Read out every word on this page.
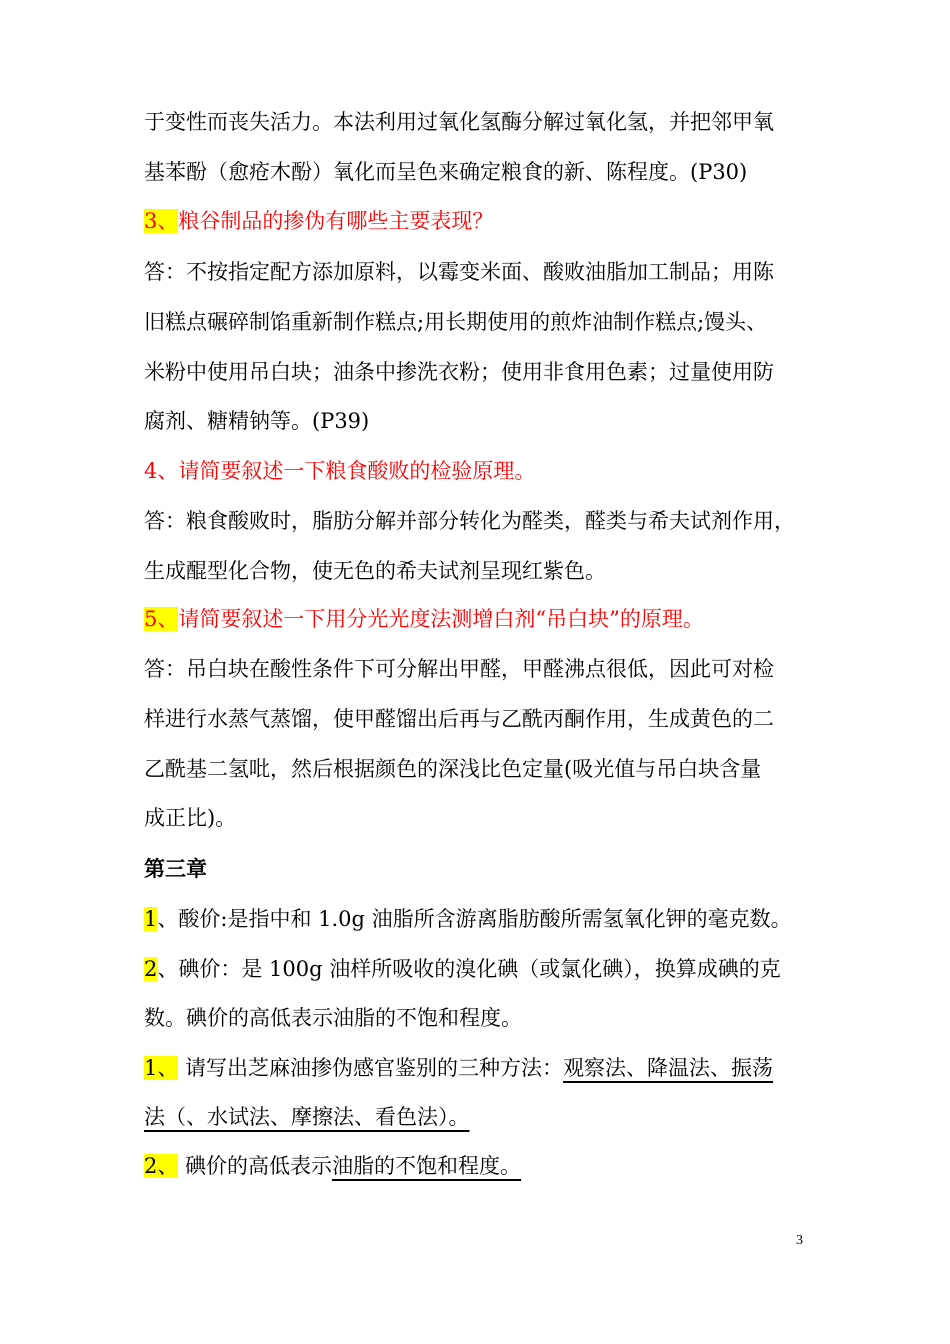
于变性而丧失活力。本法利用过氧化氢酶分解过氧化氢，并把邻甲氧
基苯酚（愈疮木酚）氧化而呈色来确定粮食的新、陈程度。(P30)
3、粮谷制品的掺伪有哪些主要表现？
答：不按指定配方添加原料，以霉变米面、酸败油脂加工制品；用陈
旧糕点碾碎制馅重新制作糕点;用长期使用的煎炸油制作糕点;馒头、
米粉中使用吊白块；油条中掺洗衣粉；使用非食用色素；过量使用防
腐剂、糖精钠等。(P39)
4、请简要叙述一下粮食酸败的检验原理。
答：粮食酸败时，脂肪分解并部分转化为醛类，醛类与希夫试剂作用，
生成醌型化合物，使无色的希夫试剂呈现红紫色。
5、请简要叙述一下用分光光度法测增白剂“吊白块”的原理。
答：吊白块在酸性条件下可分解出甲醛，甲醛沸点很低，因此可对检
样进行水蒸气蒸馏，使甲醛馏出后再与乙酰丙酮作用，生成黄色的二
乙酰基二氢吡，然后根据颜色的深浅比色定量(吸光值与吊白块含量
成正比)。
第三章
1、酸价:是指中和 1.0g 油脂所含游离脂肪酸所需氢氧化钾的毫克数。
2、碘价：是 100g 油样所吸收的溴化碘（或氯化碘），换算成碘的克
数。碘价的高低表示油脂的不饱和程度。
1、 请写出芝麻油掺伪感官鉴别的三种方法：观察法、降温法、振荡
法（、水试法、摩擦法、看色法）。
2、 碘价的高低表示油脂的不饱和程度。
3
